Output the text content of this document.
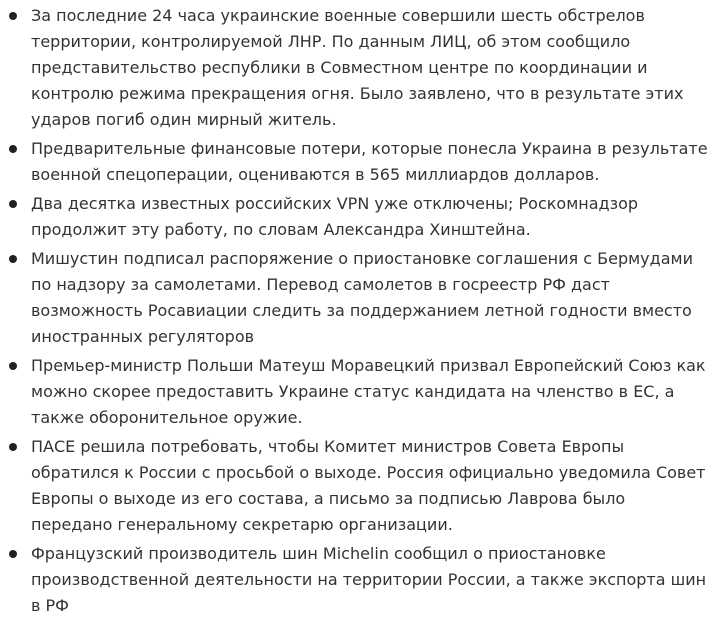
За последние 24 часа украинские военные совершили шесть обстрелов территории, контролируемой ЛНР. По данным ЛИЦ, об этом сообщило представительство республики в Совместном центре по координации и контролю режима прекращения огня. Было заявлено, что в результате этих ударов погиб один мирный житель.
Предварительные финансовые потери, которые понесла Украина в результате военной спецоперации, оцениваются в 565 миллиардов долларов.
Два десятка известных российских VPN уже отключены; Роскомнадзор продолжит эту работу, по словам Александра Хинштейна.
Мишустин подписал распоряжение о приостановке соглашения с Бермудами по надзору за самолетами. Перевод самолетов в госреестр РФ даст возможность Росавиации следить за поддержанием летной годности вместо иностранных регуляторов
Премьер-министр Польши Матеуш Моравецкий призвал Европейский Союз как можно скорее предоставить Украине статус кандидата на членство в ЕС, а также оборонительное оружие.
ПАСЕ решила потребовать, чтобы Комитет министров Совета Европы обратился к России с просьбой о выходе. Россия официально уведомила Совет Европы о выходе из его состава, а письмо за подписью Лаврова было передано генеральному секретарю организации.
Французский производитель шин Michelin сообщил о приостановке производственной деятельности на территории России, а также экспорта шин в РФ
